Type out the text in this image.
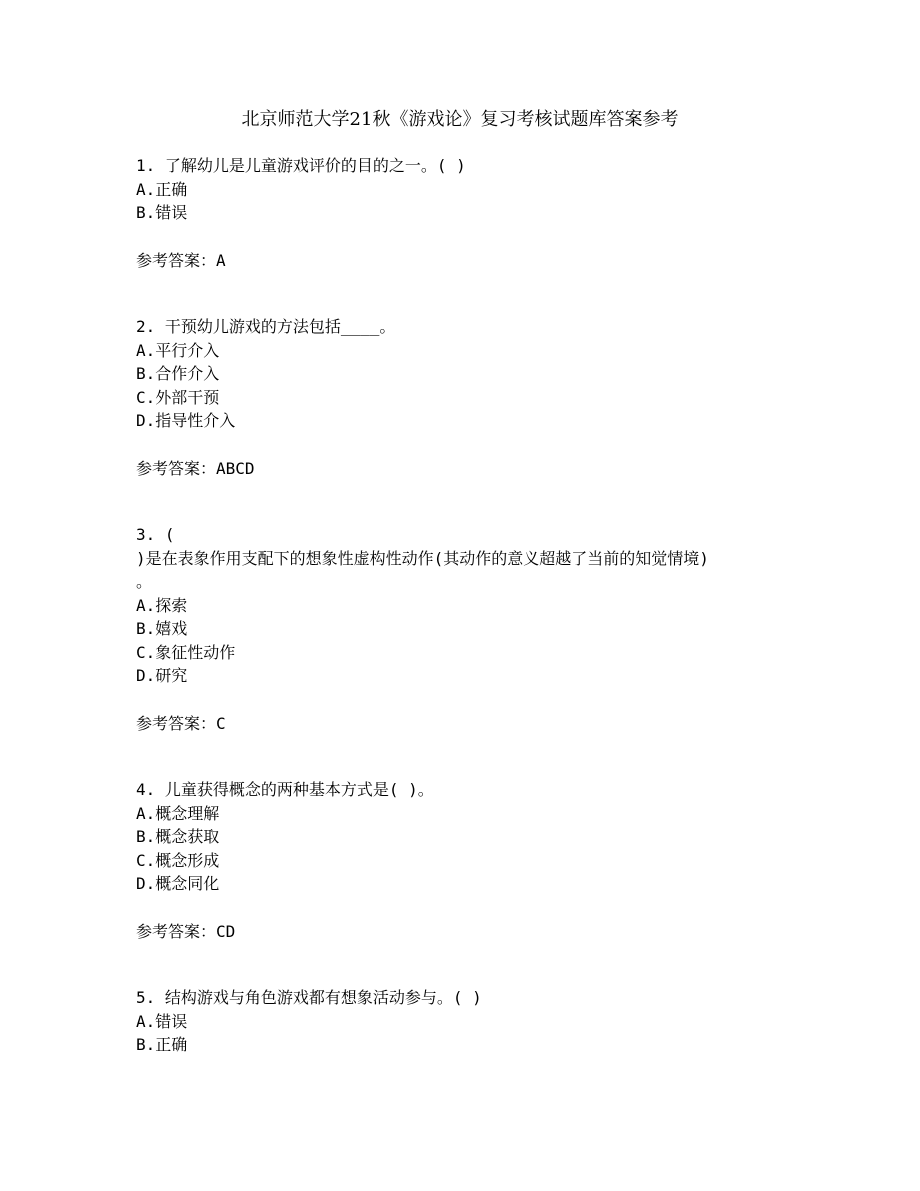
北京师范大学21秋《游戏论》复习考核试题库答案参考
1. 了解幼儿是儿童游戏评价的目的之一。( )
A.正确
B.错误
参考答案：A
2. 干预幼儿游戏的方法包括____。
A.平行介入
B.合作介入
C.外部干预
D.指导性介入
参考答案：ABCD
3. (
)是在表象作用支配下的想象性虚构性动作(其动作的意义超越了当前的知觉情境)
。
A.探索
B.嬉戏
C.象征性动作
D.研究
参考答案：C
4. 儿童获得概念的两种基本方式是( )。
A.概念理解
B.概念获取
C.概念形成
D.概念同化
参考答案：CD
5. 结构游戏与角色游戏都有想象活动参与。( )
A.错误
B.正确
